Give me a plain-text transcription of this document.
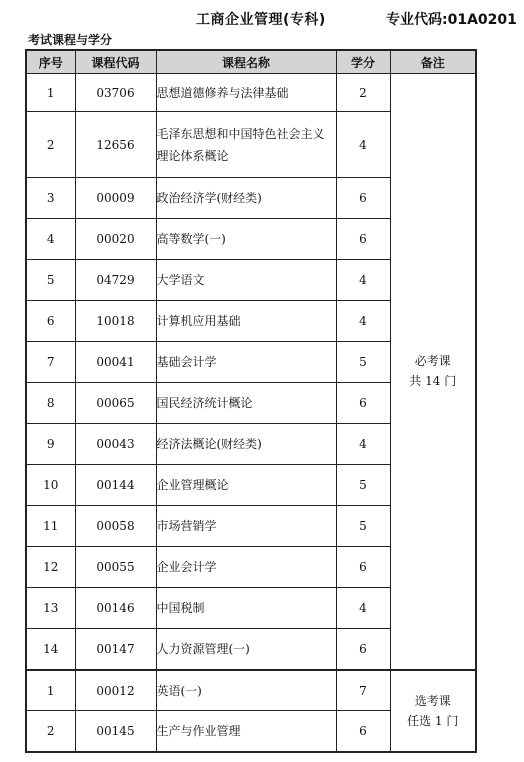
工商企业管理(专科)	专业代码:01A0201
考试课程与学分
序号	课程代码	课程名称	学分	备注
1	03706	思想道德修养与法律基础	2	必考课
共 14 门

2	12656	毛泽东思想和中国特色社会主义理论体系概论	4	
3	00009	政治经济学(财经类)	6	
4	00020	高等数学(一)	6	
5	04729	大学语文	4	
6	10018	计算机应用基础	4	
7	00041	基础会计学	5	
8	00065	国民经济统计概论	6	
9	00043	经济法概论(财经类)	4	
10	00144	企业管理概论	5	
11	00058	市场营销学	5	
12	00055	企业会计学	6	
13	00146	中国税制	4	
14	00147	人力资源管理(一)	6	
1	00012	英语(一)	7	选考课
任选 1 门

2	00145	生产与作业管理	6	
